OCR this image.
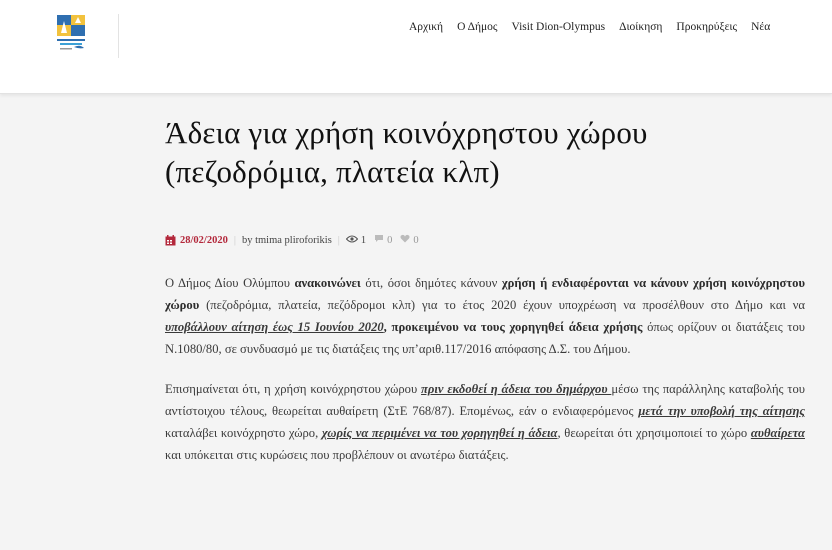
Αρχική Ο Δήμος Visit Dion-Olympus Διοίκηση Προκηρύξεις Νέα
Άδεια για χρήση κοινόχρηστου χώρου
(πεζοδρόμια, πλατεία κλπ)
28/02/2020 | by tmima pliroforikis | 1 0 0

Ο Δήμος Δίου Ολύμπου ανακοινώνει ότι, όσοι δημότες κάνουν χρήση ή ενδιαφέρονται να κάνουν χρήση κοινόχρηστου χώρου (πεζοδρόμια, πλατεία, πεζόδρομοι κλπ) για το έτος 2020 έχουν υποχρέωση να προσέλθουν στο Δήμο και να υποβάλλουν αίτηση έως 15 Ιουνίου 2020, προκειμένου να τους χορηγηθεί άδεια χρήσης όπως ορίζουν οι διατάξεις του Ν.1080/80, σε συνδυασμό με τις διατάξεις της υπ’αριθ.117/2016 απόφασης Δ.Σ. του Δήμου.

Επισημαίνεται ότι, η χρήση κοινόχρηστου χώρου πριν εκδοθεί η άδεια του δημάρχου μέσω της παράλληλης καταβολής του αντίστοιχου τέλους, θεωρείται αυθαίρετη (ΣτΕ 768/87). Επομένως, εάν ο ενδιαφερόμενος μετά την υποβολή της αίτησης καταλάβει κοινόχρηστο χώρο, χωρίς να περιμένει να του χορηγηθεί η άδεια, θεωρείται ότι χρησιμοποιεί το χώρο αυθαίρετα και υπόκειται στις κυρώσεις που προβλέπουν οι ανωτέρω διατάξεις.
